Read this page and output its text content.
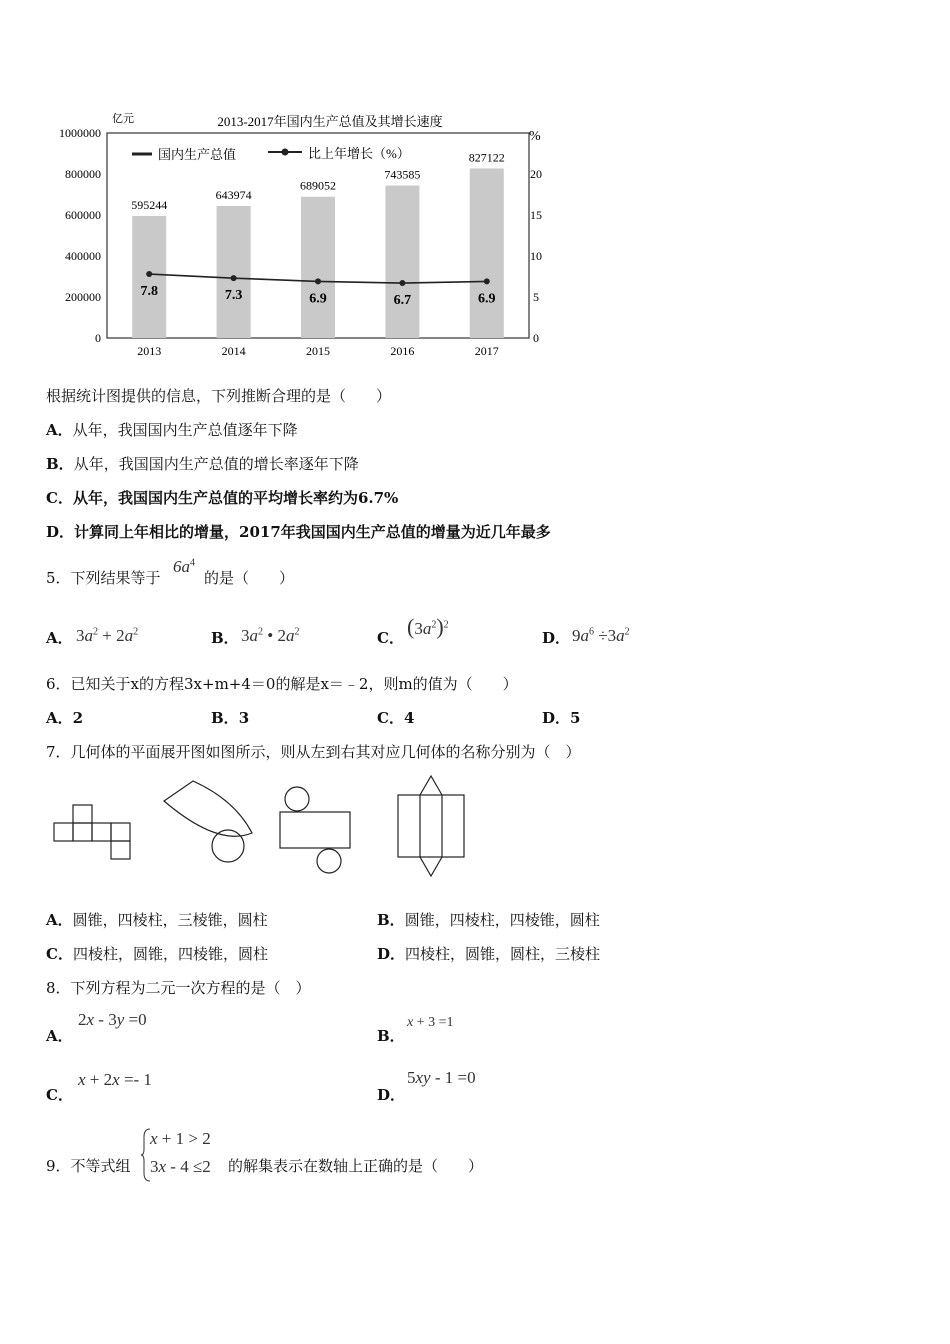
亿元	2013-2017年国内生产总值及其增长速度
%
1000000
800000
600000
400000
200000
0
20
15
10
5
0
595244
643974
689052
743585
827122
7.8	7.3	6.9	6.7	6.9
2013	2014	2015	2016	2017
国内生产总值	比上年增长（%）
根据统计图提供的信息，下列推断合理的是（　　）
A．从年，我国国内生产总值逐年下降
B．从年，我国国内生产总值的增长率逐年下降
C．从年，我国国内生产总值的平均增长率约为6.7%
D．计算同上年相比的增量，2017年我国国内生产总值的增量为近几年最多
5．下列结果等于
$6a^4$
的是（　　）
A． $3a^2 + 2a^2$	B． $3a^2$ • $2a^2$	C． $(3a^2)^2$
D． $9a^6 \div 3a^2$
6．已知关于x的方程3x+m+4＝0的解是x＝﹣2，则m的值为（　　）
A．2	B．3	C．4	D．5
7．几何体的平面展开图如图所示，则从左到右其对应几何体的名称分别为（　）
A．圆锥，四棱柱，三棱锥，圆柱	B．圆锥，四棱柱，四棱锥，圆柱
C．四棱柱，圆锥，四棱锥，圆柱	D．四棱柱，圆锥，圆柱，三棱柱
8．下列方程为二元一次方程的是（　）
A．
2x - 3y =0
B．
x + 3 =1
C．
x + 2x =- 1
D．
5xy - 1 =0
9．不等式组
x + 1 > 2
3x - 4 ≤2 的解集表示在数轴上正确的是（　　）
